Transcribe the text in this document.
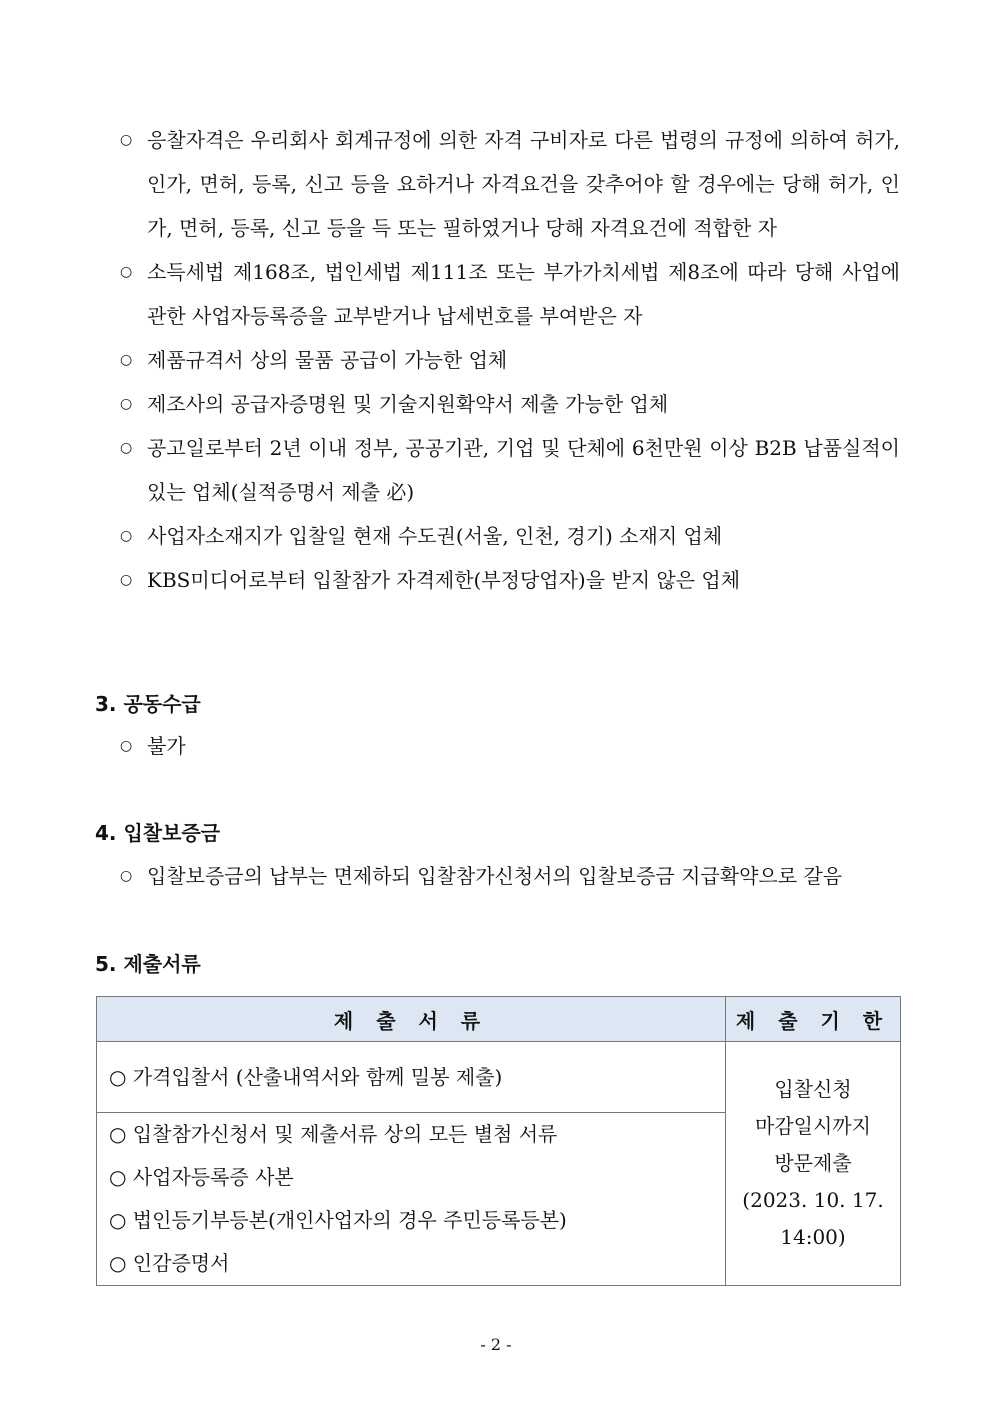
○ 응찰자격은 우리회사 회계규정에 의한 자격 구비자로 다른 법령의 규정에 의하여 허가, 인가, 면허, 등록, 신고 등을 요하거나 자격요건을 갖추어야 할 경우에는 당해 허가, 인가, 면허, 등록, 신고 등을 득 또는 필하였거나 당해 자격요건에 적합한 자
○ 소득세법 제168조, 법인세법 제111조 또는 부가가치세법 제8조에 따라 당해 사업에 관한 사업자등록증을 교부받거나 납세번호를 부여받은 자
○ 제품규격서 상의 물품 공급이 가능한 업체
○ 제조사의 공급자증명원 및 기술지원확약서 제출 가능한 업체
○ 공고일로부터 2년 이내 정부, 공공기관, 기업 및 단체에 6천만원 이상 B2B 납품실적이 있는 업체(실적증명서 제출 必)
○ 사업자소재지가 입찰일 현재 수도권(서울, 인천, 경기) 소재지 업체
○ KBS미디어로부터 입찰참가 자격제한(부정당업자)을 받지 않은 업체
3. 공동수급
○ 불가
4. 입찰보증금
○ 입찰보증금의 납부는 면제하되 입찰참가신청서의 입찰보증금 지급확약으로 갈음
5. 제출서류
제 출 서 류	제 출 기 한

○ 가격입찰서 (산출내역서와 함께 밀봉 제출)	입찰신청
마감일시까지
방문제출
(2023. 10. 17.
14:00)

○ 입찰참가신청서 및 제출서류 상의 모든 별첨 서류
○ 사업자등록증 사본
○ 법인등기부등본(개인사업자의 경우 주민등록등본)
○ 인감증명서	
- 2 -
